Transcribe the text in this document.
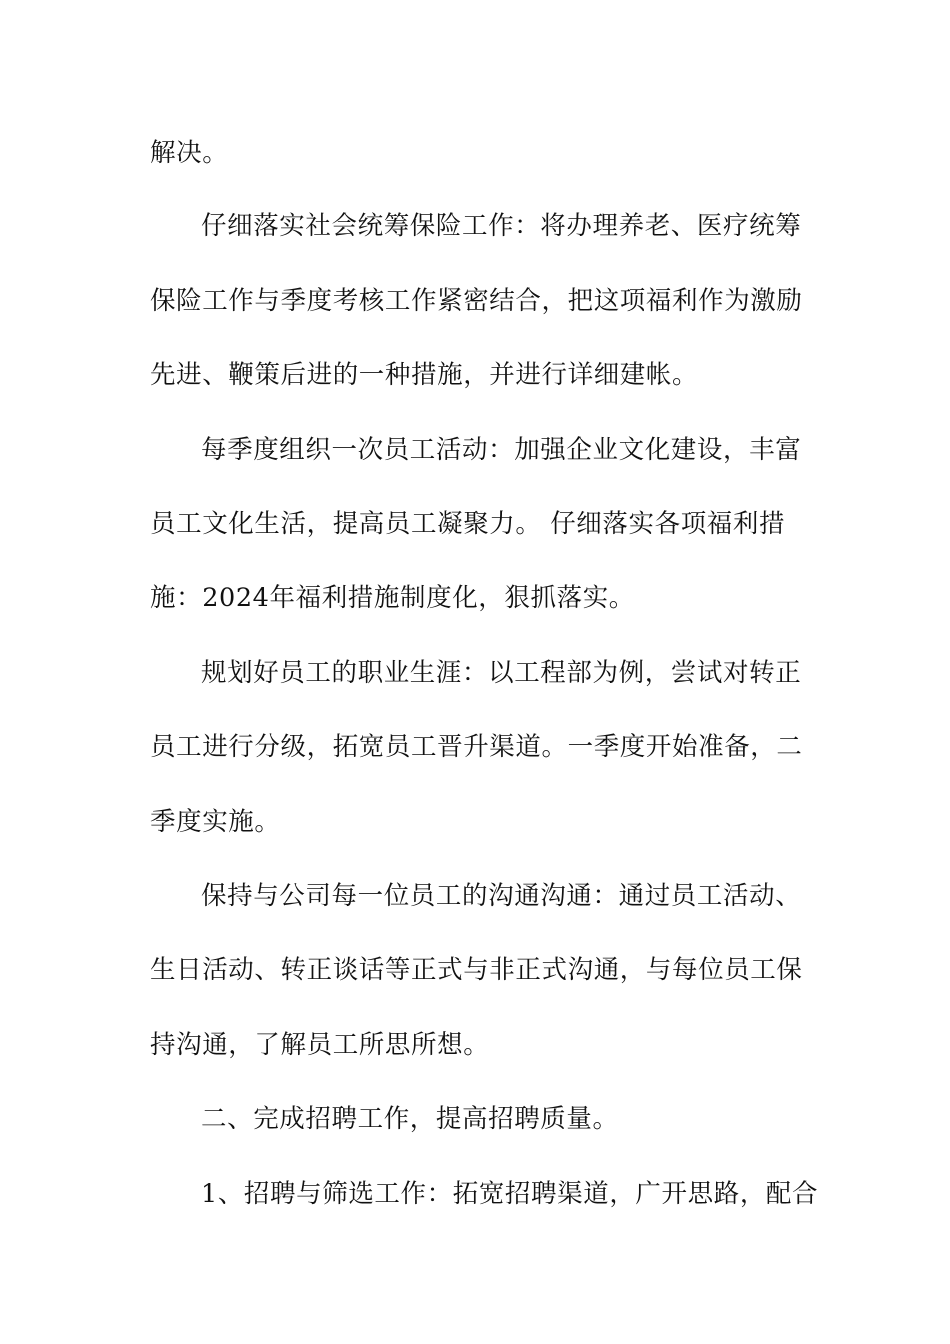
解决。

仔细落实社会统筹保险工作：将办理养老、医疗统筹

保险工作与季度考核工作紧密结合，把这项福利作为激励

先进、鞭策后进的一种措施，并进行详细建帐。

每季度组织一次员工活动：加强企业文化建设，丰富

员工文化生活，提高员工凝聚力。 仔细落实各项福利措

施：2024年福利措施制度化，狠抓落实。

规划好员工的职业生涯：以工程部为例，尝试对转正

员工进行分级，拓宽员工晋升渠道。一季度开始准备，二

季度实施。

保持与公司每一位员工的沟通沟通：通过员工活动、

生日活动、转正谈话等正式与非正式沟通，与每位员工保

持沟通，了解员工所思所想。

二、完成招聘工作，提高招聘质量。

1、招聘与筛选工作：拓宽招聘渠道，广开思路，配合
